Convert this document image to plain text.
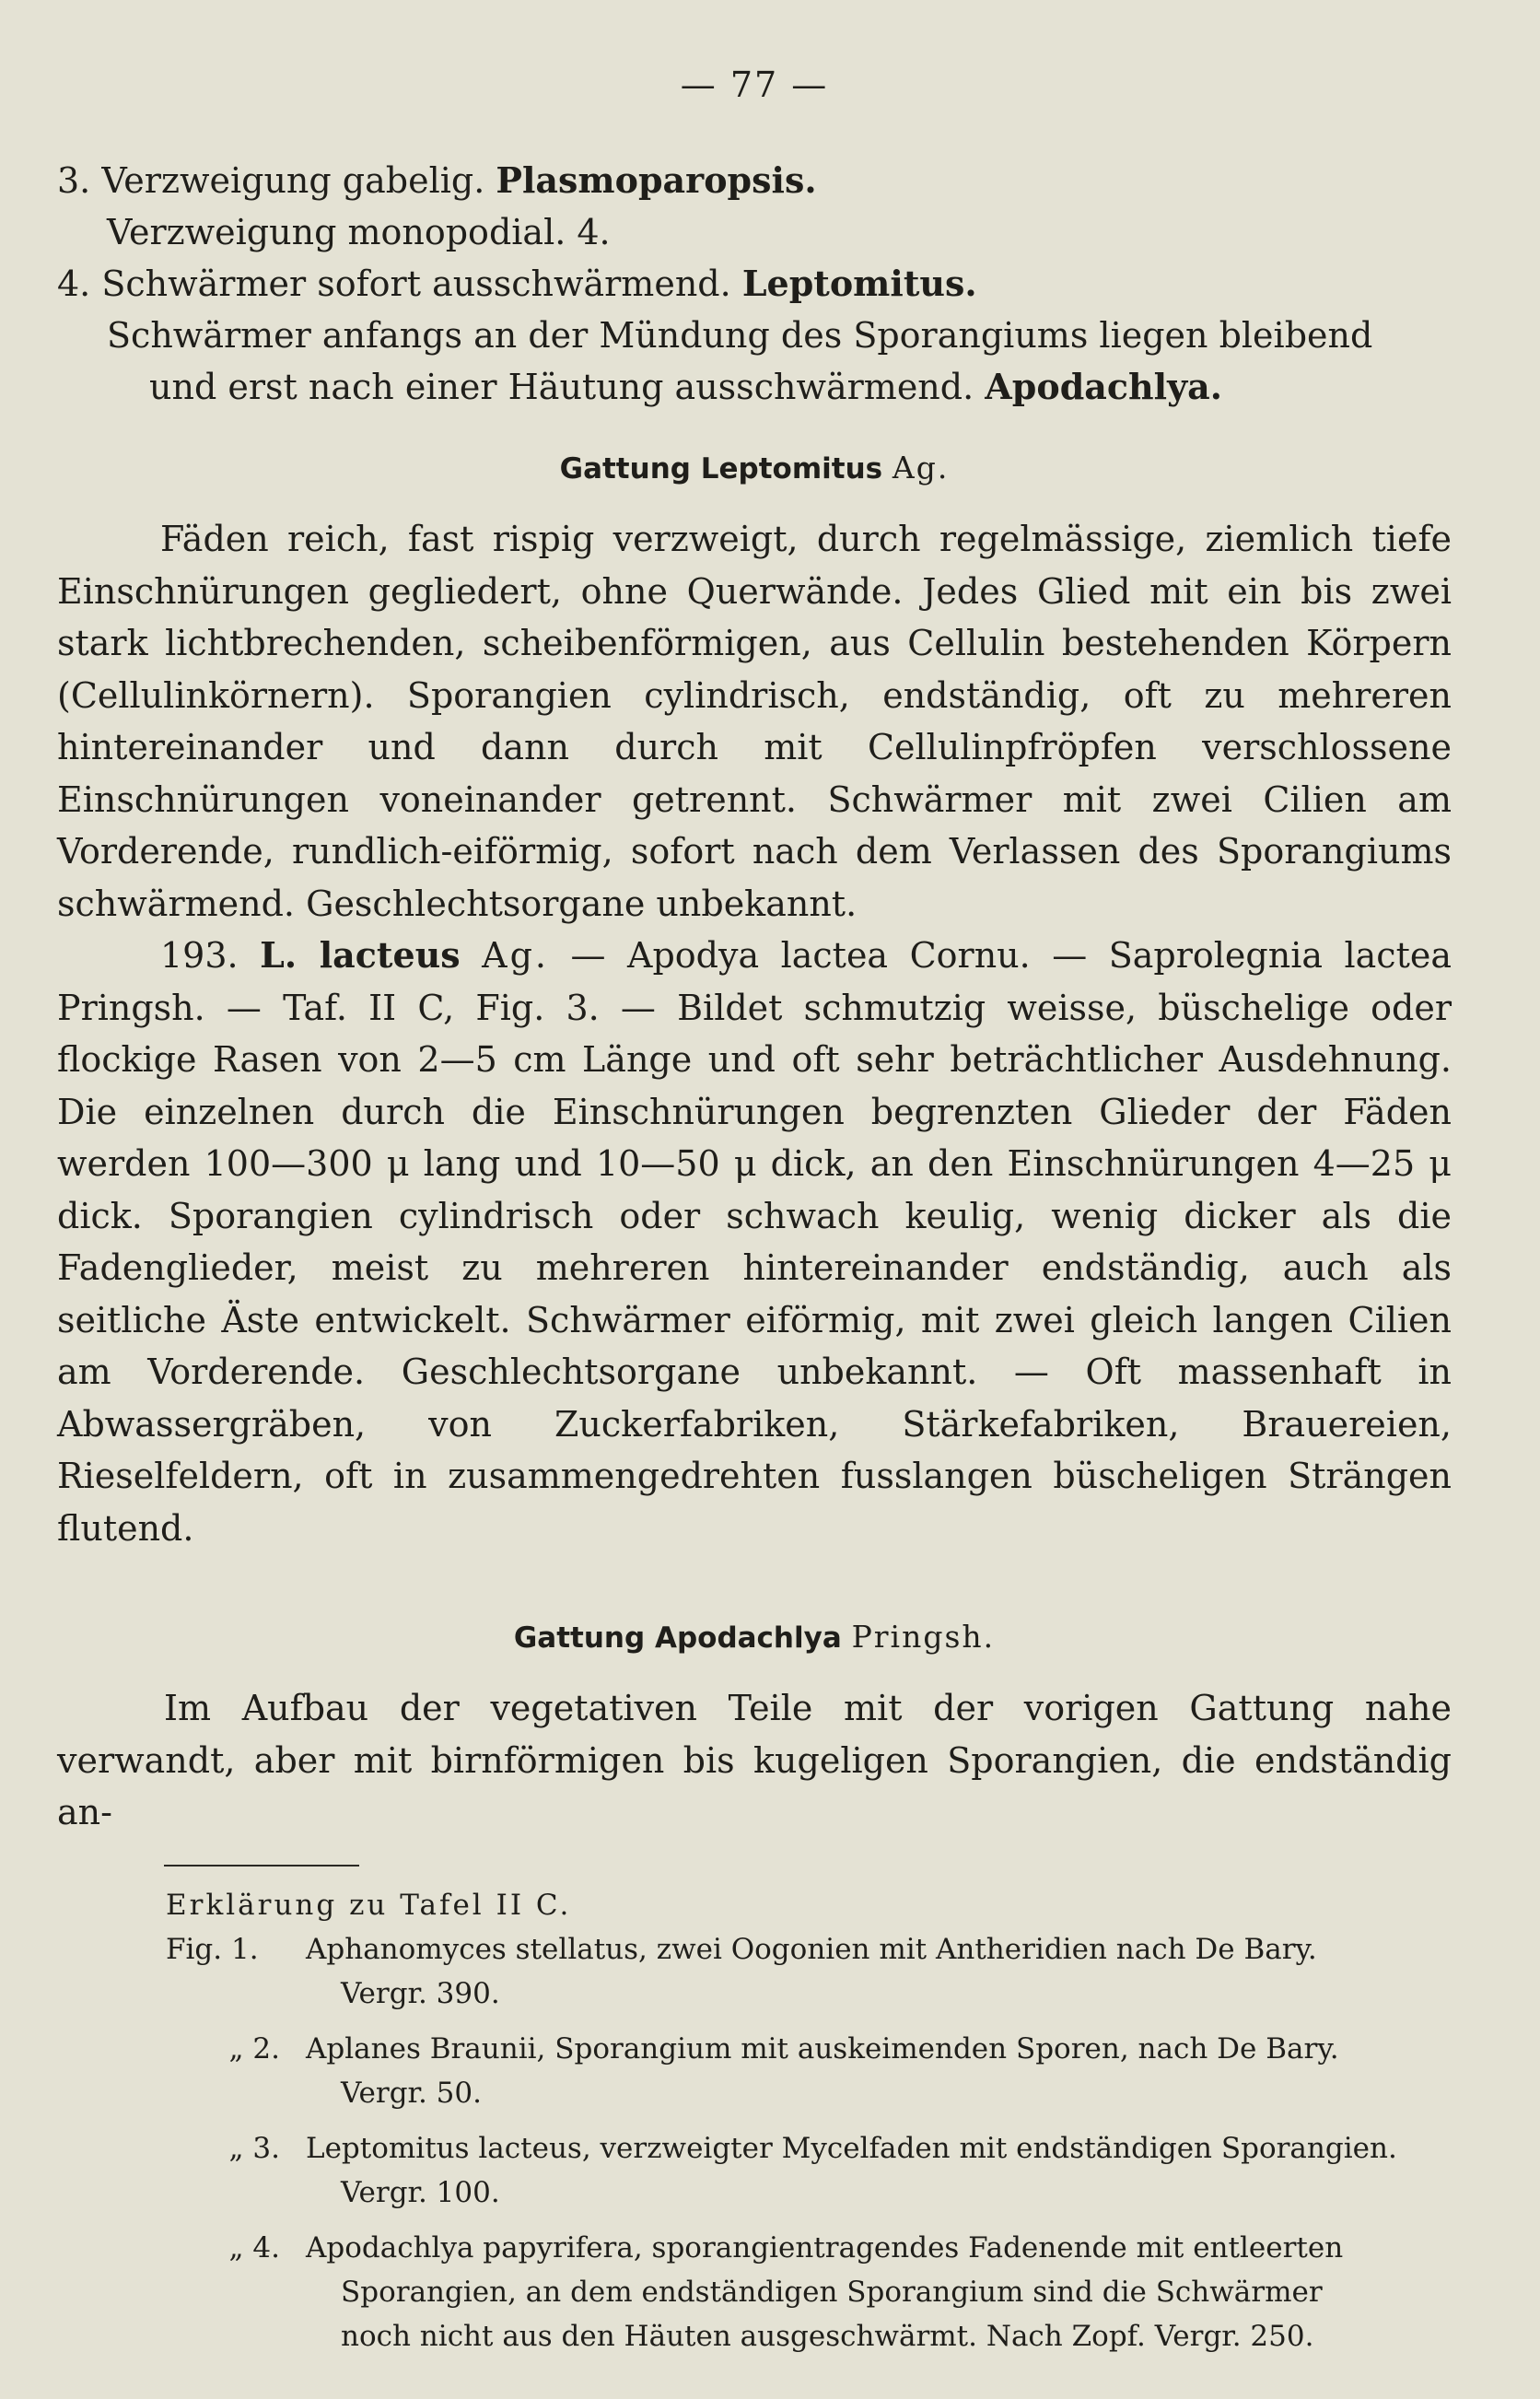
— 77 —
3. Verzweigung gabelig. Plasmoparopsis.
Verzweigung monopodial. 4.
4. Schwärmer sofort ausschwärmend. Leptomitus.
Schwärmer anfangs an der Mündung des Sporangiums liegen bleibend
und erst nach einer Häutung ausschwärmend. Apodachlya.
Gattung Leptomitus Ag.

Fäden reich, fast rispig verzweigt, durch regelmässige, ziemlich tiefe Einschnürungen gegliedert, ohne Querwände. Jedes Glied mit ein bis zwei stark lichtbrechenden, scheibenförmigen, aus Cellulin bestehenden Körpern (Cellulinkörnern). Sporangien cylindrisch, endständig, oft zu mehreren hintereinander und dann durch mit Cellulinpfröpfen verschlossene Einschnürungen voneinander getrennt. Schwärmer mit zwei Cilien am Vorderende, rundlich-eiförmig, sofort nach dem Verlassen des Sporangiums schwärmend. Geschlechtsorgane unbekannt.

193. L. lacteus Ag. — Apodya lactea Cornu. — Saprolegnia lactea Pringsh. — Taf. II C, Fig. 3. — Bildet schmutzig weisse, büschelige oder flockige Rasen von 2—5 cm Länge und oft sehr beträchtlicher Ausdehnung. Die einzelnen durch die Einschnürungen begrenzten Glieder der Fäden werden 100—300 μ lang und 10—50 μ dick, an den Einschnürungen 4—25 μ dick. Sporangien cylindrisch oder schwach keulig, wenig dicker als die Fadenglieder, meist zu mehreren hintereinander endständig, auch als seitliche Äste entwickelt. Schwärmer eiförmig, mit zwei gleich langen Cilien am Vorderende. Geschlechtsorgane unbekannt. — Oft massenhaft in Abwassergräben, von Zuckerfabriken, Stärkefabriken, Brauereien, Rieselfeldern, oft in zusammengedrehten fusslangen büscheligen Strängen flutend.

Gattung Apodachlya Pringsh.

Im Aufbau der vegetativen Teile mit der vorigen Gattung nahe verwandt, aber mit birnförmigen bis kugeligen Sporangien, die endständig an-

Erklärung zu Tafel II C.
Fig. 1.	Aphanomyces stellatus, zwei Oogonien mit Antheridien nach De Bary.
Vergr. 390.
„ 2. Aplanes Braunii, Sporangium mit auskeimenden Sporen, nach De Bary.
Vergr. 50.
„ 3. Leptomitus lacteus, verzweigter Mycelfaden mit endständigen Sporangien.
Vergr. 100.
„ 4. Apodachlya papyrifera, sporangientragendes Fadenende mit entleerten
Sporangien, an dem endständigen Sporangium sind die Schwärmer
noch nicht aus den Häuten ausgeschwärmt. Nach Zopf. Vergr. 250.
